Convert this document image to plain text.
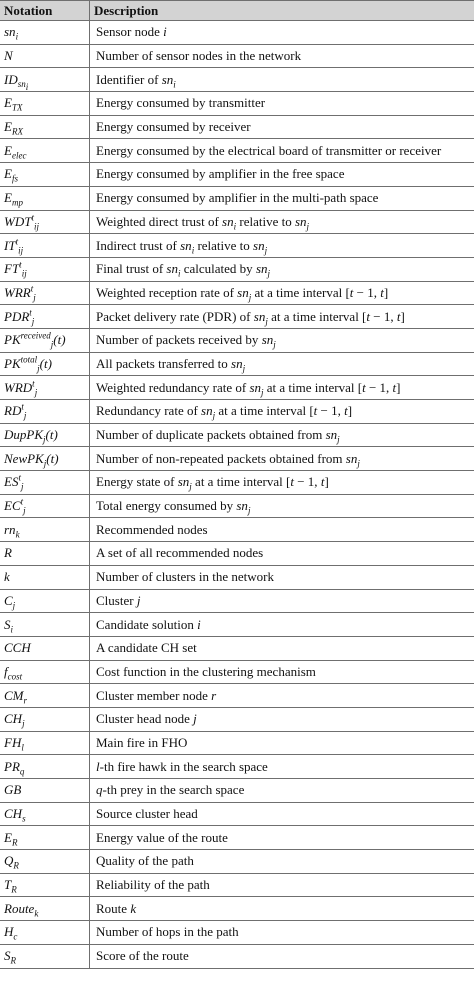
Notation	Description
$sn_i$	Sensor node i
N	Number of sensor nodes in the network
$ID_{sn_i}$	Identifier of $sn_i$
$E_{TX}$	Energy consumed by transmitter
$E_{RX}$	Energy consumed by receiver
$E_{elec}$	Energy consumed by the electrical board of transmitter or receiver
$E_{fs}$	Energy consumed by amplifier in the free space
$E_{mp}$	Energy consumed by amplifier in the multi-path space
$WDT^t_{ij}$	Weighted direct trust of $sn_i$ relative to $sn_j$
$IT^t_{ij}$	Indirect trust of $sn_i$ relative to $sn_j$
$FT^t_{ij}$	Final trust of $sn_i$ calculated by $sn_j$
$WRR^t_j$	Weighted reception rate of $sn_j$ at a time interval [t − 1, t]
$PDR^t_j$	Packet delivery rate (PDR) of $sn_j$ at a time interval [t − 1, t]
$PK^{received}_j(t)$	Number of packets received by $sn_j$
$PK^{total}_j(t)$	All packets transferred to $sn_j$
$WRD^t_j$	Weighted redundancy rate of $sn_j$ at a time interval [t − 1, t]
$RD^t_j$	Redundancy rate of $sn_j$ at a time interval [t − 1, t]
DupPK$_j$(t)	Number of duplicate packets obtained from $sn_j$
NewPK$_j$(t)	Number of non-repeated packets obtained from $sn_j$
$ES^t_j$	Energy state of $sn_j$ at a time interval [t − 1, t]
$EC^t_j$	Total energy consumed by $sn_j$
$rn_k$	Recommended nodes
R	A set of all recommended nodes
k	Number of clusters in the network
$C_j$	Cluster j
$S_i$	Candidate solution i
CCH	A candidate CH set
$f_{cost}$	Cost function in the clustering mechanism
$CM_r$	Cluster member node r
$CH_j$	Cluster head node j
$FH_l$	Main fire in FHO
$PR_q$	l-th fire hawk in the search space
GB	q-th prey in the search space
$CH_s$	Source cluster head
$E_R$	Energy value of the route
$Q_R$	Quality of the path
$T_R$	Reliability of the path
Route$_k$	Route k
$H_c$	Number of hops in the path
$S_R$	Score of the route
